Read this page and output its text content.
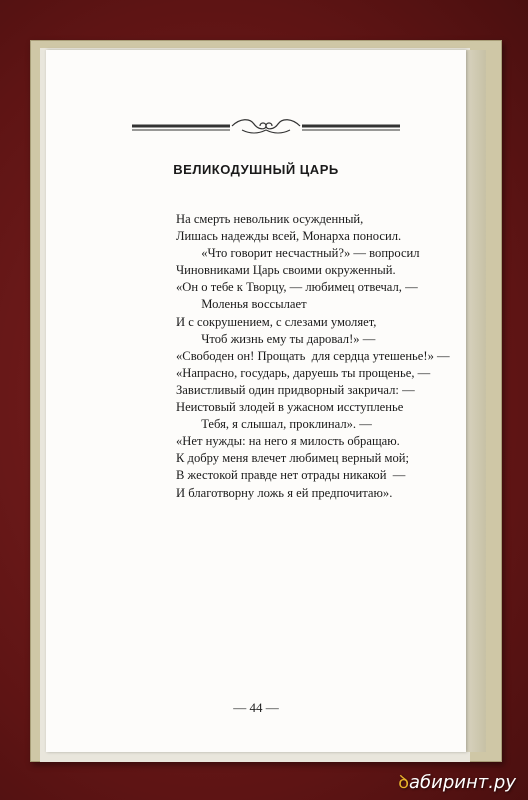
ВЕЛИКОДУШНЫЙ ЦАРЬ
На смерть невольник осужденный,
Лишась надежды всей, Монарха поносил.
«Что говорит несчастный?» — вопросил
Чиновниками Царь своими окруженный.
«Он о тебе к Творцу, — любимец отвечал, —
Моленья воссылает
И с сокрушением, с слезами умоляет,
Чтоб жизнь ему ты даровал!» —
«Свободен он! Прощать  для сердца утешенье!» —
«Напрасно, государь, даруешь ты прощенье, —
Завистливый один придворный закричал: —
Неистовый злодей в ужасном исступленье
Тебя, я слышал, проклинал». —
«Нет нужды: на него я милость обращаю.
К добру меня влечет любимец верный мой;
В жестокой правде нет отрады никакой  —
И благотворну ложь я ей предпочитаю».
— 44 —
ꝺабиринт.ру
